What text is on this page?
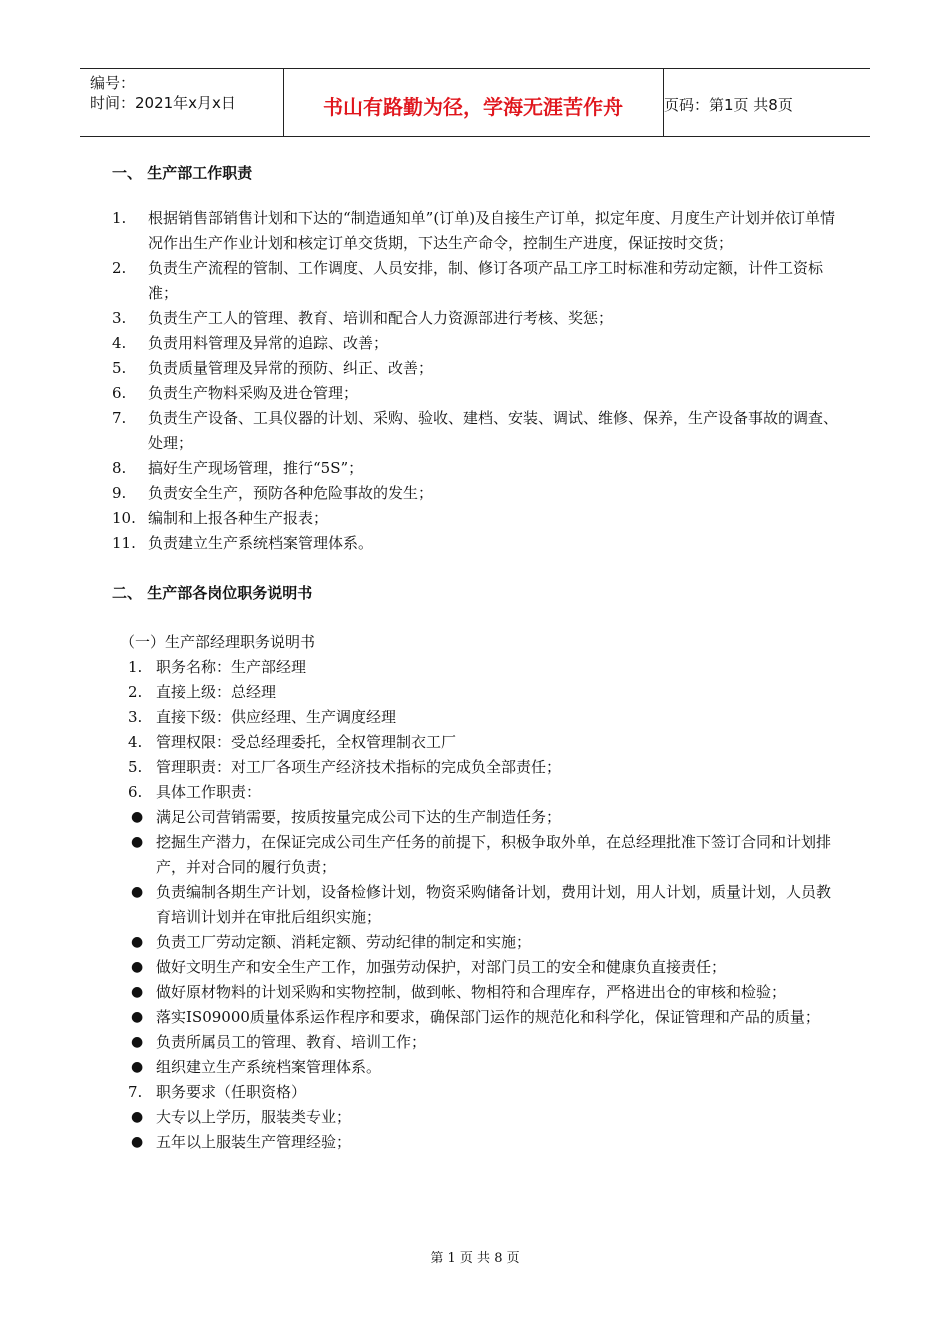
编号：
时间：2021年x月x日	书山有路勤为径，学海无涯苦作舟	页码：第1页 共8页
一、 生产部工作职责
1. 根据销售部销售计划和下达的“制造通知单”(订单)及自接生产订单，拟定年度、月度生产计划并依订单情况作出生产作业计划和核定订单交货期，下达生产命令，控制生产进度，保证按时交货；
2. 负责生产流程的管制、工作调度、人员安排，制、修订各项产品工序工时标准和劳动定额，计件工资标准；
3. 负责生产工人的管理、教育、培训和配合人力资源部进行考核、奖惩；
4. 负责用料管理及异常的追踪、改善；
5. 负责质量管理及异常的预防、纠正、改善；
6. 负责生产物料采购及进仓管理；
7. 负责生产设备、工具仪器的计划、采购、验收、建档、安装、调试、维修、保养，生产设备事故的调查、处理；
8. 搞好生产现场管理，推行“5S”；
9. 负责安全生产，预防各种危险事故的发生；
10. 编制和上报各种生产报表；
11. 负责建立生产系统档案管理体系。
二、 生产部各岗位职务说明书
（一）生产部经理职务说明书
1. 职务名称：生产部经理
2. 直接上级：总经理
3. 直接下级：供应经理、生产调度经理
4. 管理权限：受总经理委托，全权管理制衣工厂
5. 管理职责：对工厂各项生产经济技术指标的完成负全部责任；
6. 具体工作职责：
● 满足公司营销需要，按质按量完成公司下达的生产制造任务；
● 挖掘生产潜力，在保证完成公司生产任务的前提下，积极争取外单，在总经理批准下签订合同和计划排产，并对合同的履行负责；
● 负责编制各期生产计划，设备检修计划，物资采购储备计划，费用计划，用人计划，质量计划，人员教育培训计划并在审批后组织实施；
● 负责工厂劳动定额、消耗定额、劳动纪律的制定和实施；
● 做好文明生产和安全生产工作，加强劳动保护，对部门员工的安全和健康负直接责任；
● 做好原材物料的计划采购和实物控制，做到帐、物相符和合理库存，严格进出仓的审核和检验；
● 落实IS09000质量体系运作程序和要求，确保部门运作的规范化和科学化，保证管理和产品的质量；
● 负责所属员工的管理、教育、培训工作；
● 组织建立生产系统档案管理体系。
7. 职务要求（任职资格）
● 大专以上学历，服装类专业；
● 五年以上服装生产管理经验；
第 1 页 共 8 页
